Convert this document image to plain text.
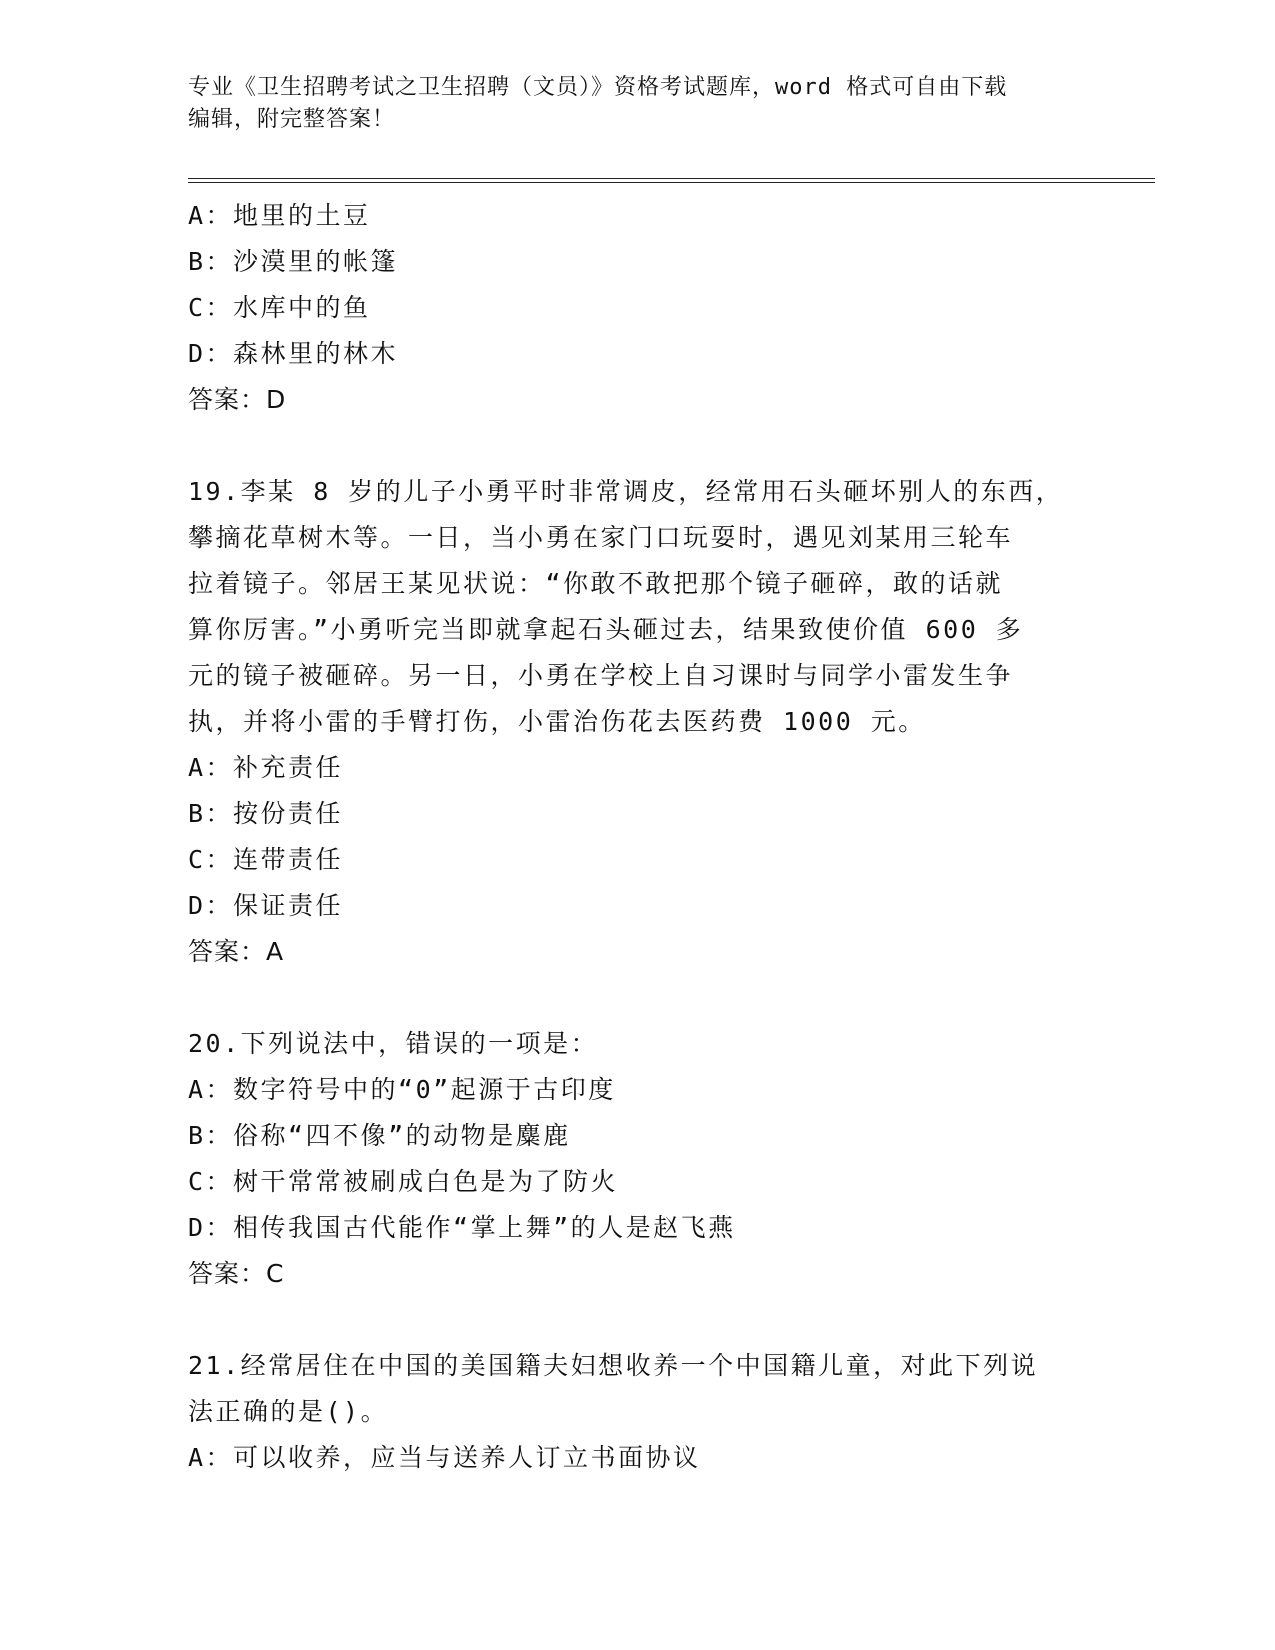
专业《卫生招聘考试之卫生招聘（文员）》资格考试题库，word 格式可自由下载
编辑，附完整答案！
A：地里的土豆
B：沙漠里的帐篷
C：水库中的鱼
D：森林里的林木
答案：D
19.李某 8 岁的儿子小勇平时非常调皮，经常用石头砸坏别人的东西，
攀摘花草树木等。一日，当小勇在家门口玩耍时，遇见刘某用三轮车
拉着镜子。邻居王某见状说：“你敢不敢把那个镜子砸碎，敢的话就
算你厉害。”小勇听完当即就拿起石头砸过去，结果致使价值 600 多
元的镜子被砸碎。另一日，小勇在学校上自习课时与同学小雷发生争
执，并将小雷的手臂打伤，小雷治伤花去医药费 1000 元。
A：补充责任
B：按份责任
C：连带责任
D：保证责任
答案：A
20.下列说法中，错误的一项是：
A：数字符号中的“0”起源于古印度
B：俗称“四不像”的动物是麋鹿
C：树干常常被刷成白色是为了防火
D：相传我国古代能作“掌上舞”的人是赵飞燕
答案：C
21.经常居住在中国的美国籍夫妇想收养一个中国籍儿童，对此下列说
法正确的是()。
A：可以收养，应当与送养人订立书面协议
